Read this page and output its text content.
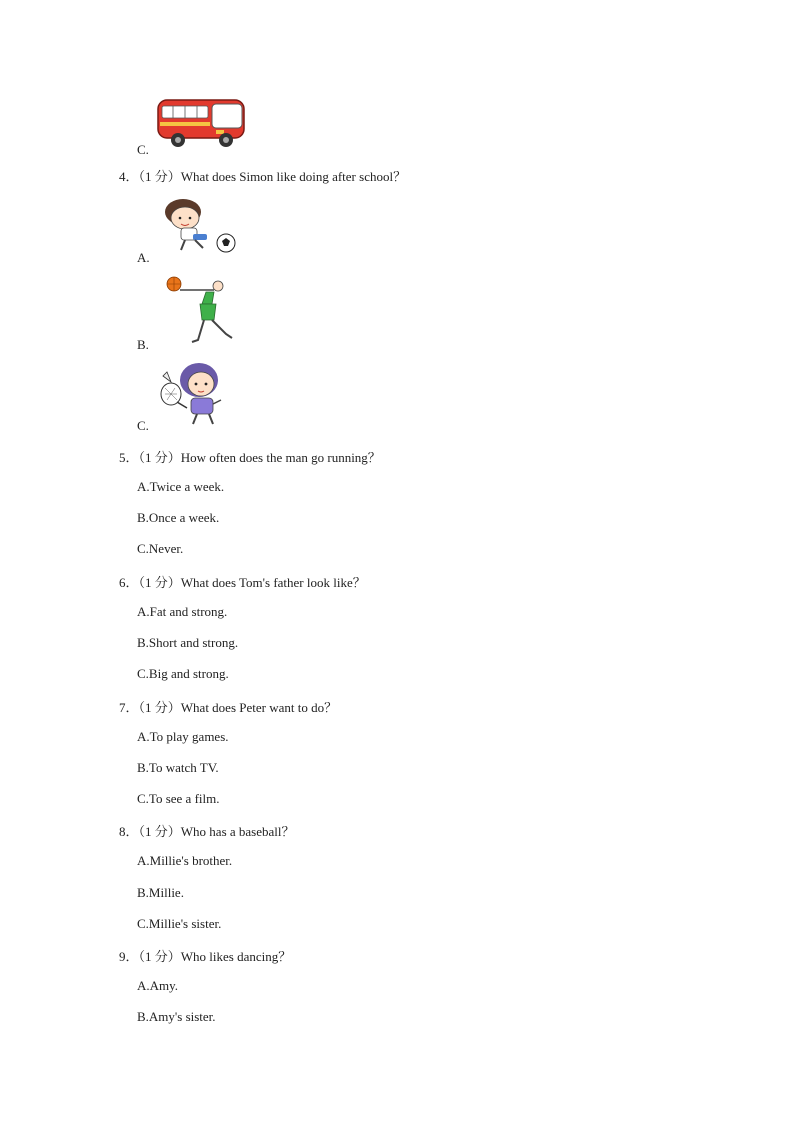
C.
4．（1 分）What does Simon like doing after school？
A.
B.
C.
5．（1 分）How often does the man go running？
A.Twice a week.
B.Once a week.
C.Never.
6．（1 分）What does Tom's father look like？
A.Fat and strong.
B.Short and strong.
C.Big and strong.
7．（1 分）What does Peter want to do？
A.To play games.
B.To watch TV.
C.To see a film.
8．（1 分）Who has a baseball？
A.Millie's brother.
B.Millie.
C.Millie's sister.
9．（1 分）Who likes dancing？
A.Amy.
B.Amy's sister.
